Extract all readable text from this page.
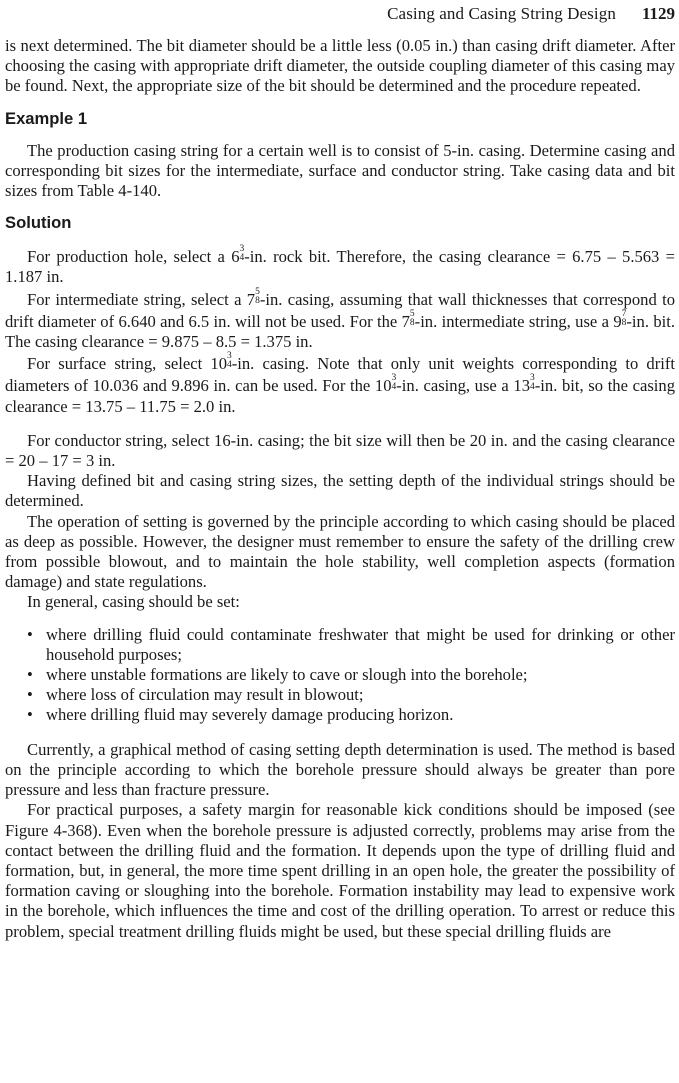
Casing and Casing String Design 1129

is next determined. The bit diameter should be a little less (0.05 in.) than casing drift diameter. After choosing the casing with appropriate drift diameter, the outside coupling diameter of this casing may be found. Next, the appropriate size of the bit should be determined and the procedure repeated.

Example 1

The production casing string for a certain well is to consist of 5-in. casing. Determine casing and corresponding bit sizes for the intermediate, surface and conductor string. Take casing data and bit sizes from Table 4-140.

Solution

For production hole, select a 6 3
4 -in. rock bit. Therefore, the casing clearance = 6.75 – 5.563 = 1.187 in.

For intermediate string, select a 7 5
8 -in. casing, assuming that wall thicknesses that correspond to drift diameter of 6.640 and 6.5 in. will not be used. For the 7 5
8 -in. intermediate string, use a 9 7
8 -in. bit. The casing clearance = 9.875 – 8.5 = 1.375 in.

For surface string, select 10 3
4 -in. casing. Note that only unit weights corresponding to drift diameters of 10.036 and 9.896 in. can be used. For the 10 3
4 -in. casing, use a 13 3
4 -in. bit, so the casing clearance = 13.75 – 11.75 = 2.0 in.

For conductor string, select 16-in. casing; the bit size will then be 20 in. and the casing clearance = 20 – 17 = 3 in.

Having defined bit and casing string sizes, the setting depth of the individual strings should be determined.

The operation of setting is governed by the principle according to which casing should be placed as deep as possible. However, the designer must remember to ensure the safety of the drilling crew from possible blowout, and to maintain the hole stability, well completion aspects (formation damage) and state regulations.

In general, casing should be set:

• where drilling fluid could contaminate freshwater that might be used for drinking or other household purposes;
• where unstable formations are likely to cave or slough into the borehole;
• where loss of circulation may result in blowout;
• where drilling fluid may severely damage producing horizon.

Currently, a graphical method of casing setting depth determination is used. The method is based on the principle according to which the borehole pressure should always be greater than pore pressure and less than fracture pressure.

For practical purposes, a safety margin for reasonable kick conditions should be imposed (see Figure 4-368). Even when the borehole pressure is adjusted correctly, problems may arise from the contact between the drilling fluid and the formation. It depends upon the type of drilling fluid and formation, but, in general, the more time spent drilling in an open hole, the greater the possibility of formation caving or sloughing into the borehole. Formation instability may lead to expensive work in the borehole, which influences the time and cost of the drilling operation. To arrest or reduce this problem, special treatment drilling fluids might be used, but these special drilling fluids are
